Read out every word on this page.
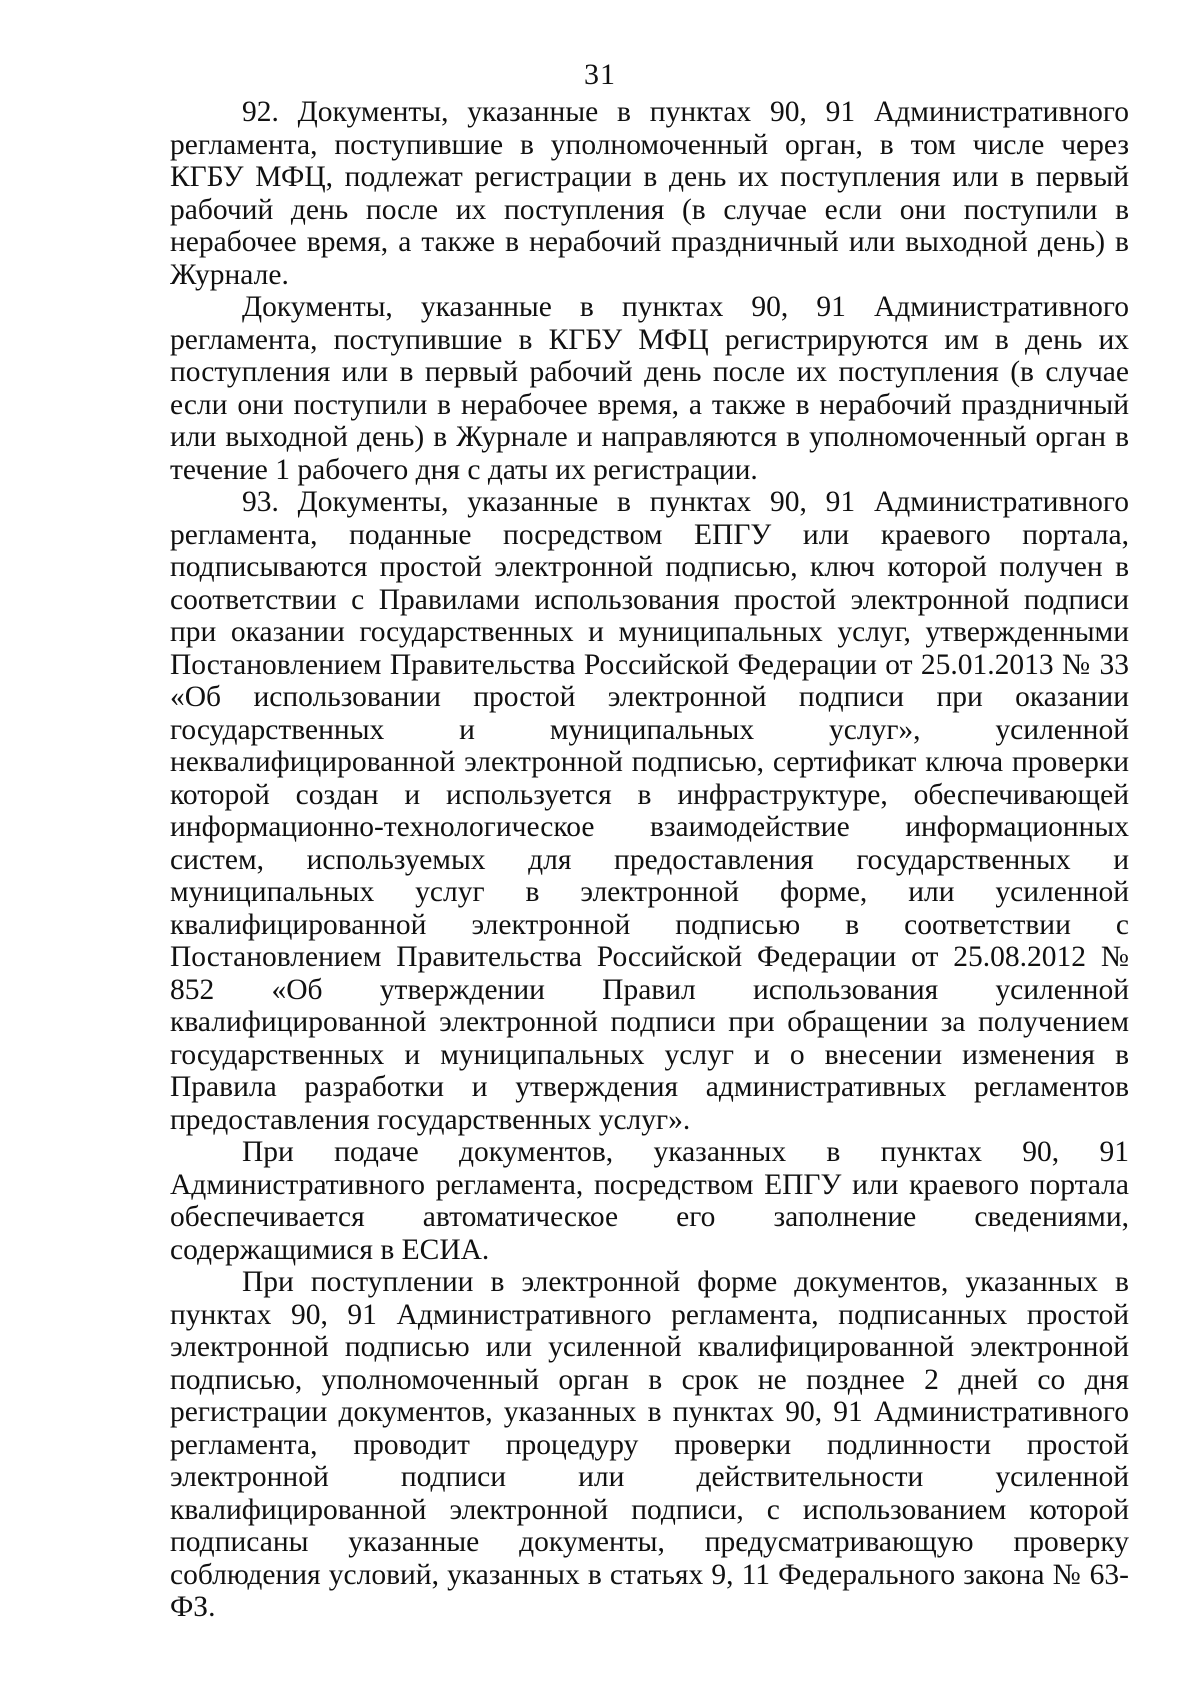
31

92. Документы, указанные в пунктах 90, 91 Административного регламента, поступившие в уполномоченный орган, в том числе через КГБУ МФЦ, подлежат регистрации в день их поступления или в первый рабочий день после их поступления (в случае если они поступили в нерабочее время, а также в нерабочий праздничный или выходной день) в Журнале.

Документы, указанные в пунктах 90, 91 Административного регламента, поступившие в КГБУ МФЦ регистрируются им в день их поступления или в первый рабочий день после их поступления (в случае если они поступили в нерабочее время, а также в нерабочий праздничный или выходной день) в Журнале и направляются в уполномоченный орган в течение 1 рабочего дня с даты их регистрации.

93. Документы, указанные в пунктах 90, 91 Административного регламента, поданные посредством ЕПГУ или краевого портала, подписываются простой электронной подписью, ключ которой получен в соответствии с Правилами использования простой электронной подписи при оказании государственных и муниципальных услуг, утвержденными Постановлением Правительства Российской Федерации от 25.01.2013 № 33 «Об использовании простой электронной подписи при оказании государственных и муниципальных услуг», усиленной неквалифицированной электронной подписью, сертификат ключа проверки которой создан и используется в инфраструктуре, обеспечивающей информационно-технологическое взаимодействие информационных систем, используемых для предоставления государственных и муниципальных услуг в электронной форме, или усиленной квалифицированной электронной подписью в соответствии с Постановлением Правительства Российской Федерации от 25.08.2012 № 852 «Об утверждении Правил использования усиленной квалифицированной электронной подписи при обращении за получением государственных и муниципальных услуг и о внесении изменения в Правила разработки и утверждения административных регламентов предоставления государственных услуг».

При подаче документов, указанных в пунктах 90, 91 Административного регламента, посредством ЕПГУ или краевого портала обеспечивается автоматическое его заполнение сведениями, содержащимися в ЕСИА.

При поступлении в электронной форме документов, указанных в пунктах 90, 91 Административного регламента, подписанных простой электронной подписью или усиленной квалифицированной электронной подписью, уполномоченный орган в срок не позднее 2 дней со дня регистрации документов, указанных в пунктах 90, 91 Административного регламента, проводит процедуру проверки подлинности простой электронной подписи или действительности усиленной квалифицированной электронной подписи, с использованием которой подписаны указанные документы, предусматривающую проверку соблюдения условий, указанных в статьях 9, 11 Федерального закона № 63-ФЗ.
